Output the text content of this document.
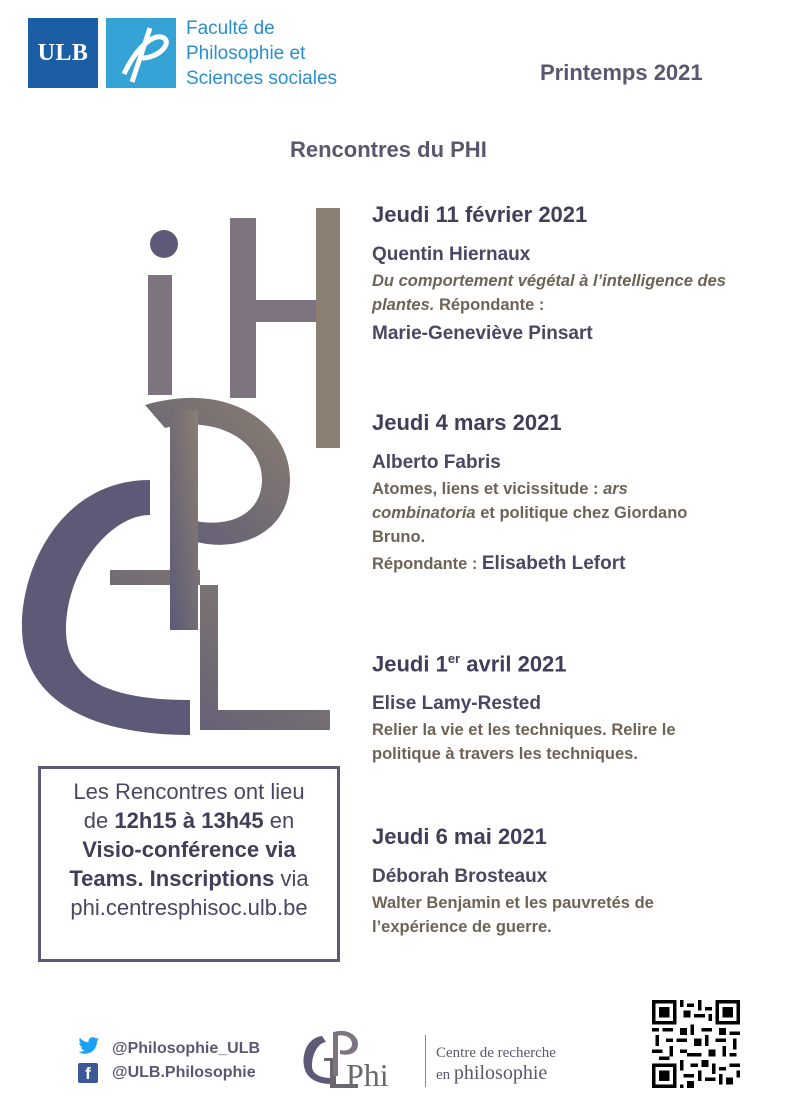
ULB
Faculté de
Philosophie et
Sciences sociales	Printemps 2021
Rencontres du PHI
Jeudi 11 février 2021
Quentin Hiernaux
Du comportement végétal à l’intelligence des plantes. Répondante :
Marie-Geneviève Pinsart
Jeudi 4 mars 2021
Alberto Fabris
Atomes, liens et vicissitude : ars combinatoria et politique chez Giordano Bruno.
Répondante : Elisabeth Lefort
Jeudi 1er avril 2021
Elise Lamy-Rested
Relier la vie et les techniques. Relire le politique à travers les techniques.
Jeudi 6 mai 2021
Déborah Brosteaux
Walter Benjamin et les pauvretés de l’expérience de guerre.
Les Rencontres ont lieu
de 12h15 à 13h45 en
Visio-conférence via
Teams. Inscriptions via
phi.centresphisoc.ulb.be
f
@Philosophie_ULB
@ULB.Philosophie	Phi
Centre de recherche
en philosophie
